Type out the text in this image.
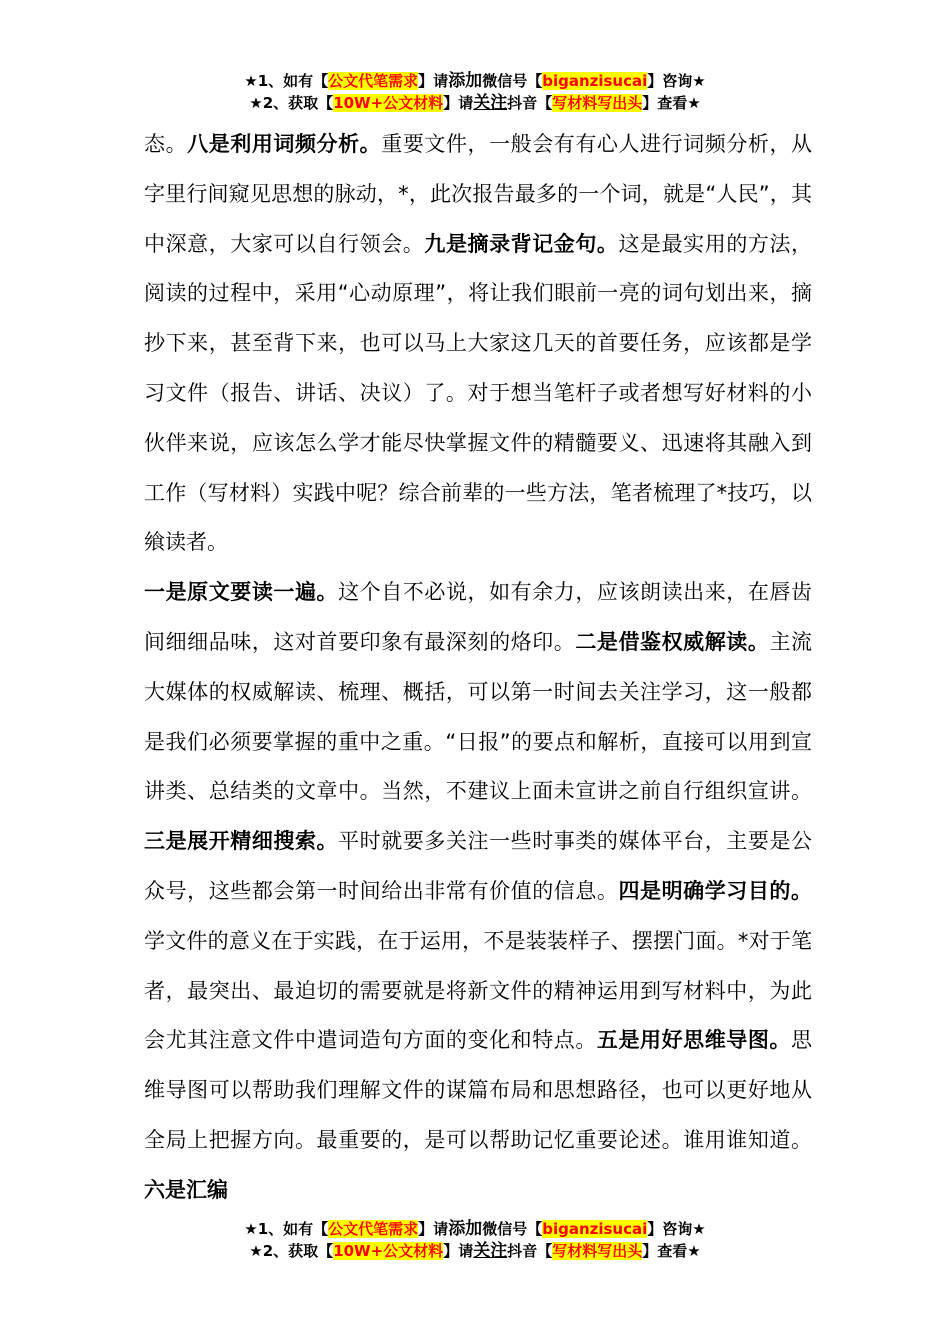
★1、如有【公文代笔需求】请添加微信号【biganzisucai】咨询★
★2、获取【10W+公文材料】请关注抖音【写材料写出头】查看★

态。八是利用词频分析。重要文件，一般会有有心人进行词频分析，从字里行间窥见思想的脉动，*，此次报告最多的一个词，就是“人民”，其中深意，大家可以自行领会。九是摘录背记金句。这是最实用的方法，阅读的过程中，采用“心动原理”，将让我们眼前一亮的词句划出来，摘抄下来，甚至背下来，也可以马上大家这几天的首要任务，应该都是学习文件（报告、讲话、决议）了。对于想当笔杆子或者想写好材料的小伙伴来说，应该怎么学才能尽快掌握文件的精髓要义、迅速将其融入到工作（写材料）实践中呢？综合前辈的一些方法，笔者梳理了*技巧，以飨读者。

一是原文要读一遍。这个自不必说，如有余力，应该朗读出来，在唇齿间细细品味，这对首要印象有最深刻的烙印。二是借鉴权威解读。主流大媒体的权威解读、梳理、概括，可以第一时间去关注学习，这一般都是我们必须要掌握的重中之重。“日报”的要点和解析，直接可以用到宣讲类、总结类的文章中。当然，不建议上面未宣讲之前自行组织宣讲。三是展开精细搜索。平时就要多关注一些时事类的媒体平台，主要是公众号，这些都会第一时间给出非常有价值的信息。四是明确学习目的。学文件的意义在于实践，在于运用，不是装装样子、摆摆门面。*对于笔者，最突出、最迫切的需要就是将新文件的精神运用到写材料中，为此会尤其注意文件中遣词造句方面的变化和特点。五是用好思维导图。思维导图可以帮助我们理解文件的谋篇布局和思想路径，也可以更好地从全局上把握方向。最重要的，是可以帮助记忆重要论述。谁用谁知道。六是汇编

★1、如有【公文代笔需求】请添加微信号【biganzisucai】咨询★
★2、获取【10W+公文材料】请关注抖音【写材料写出头】查看★
